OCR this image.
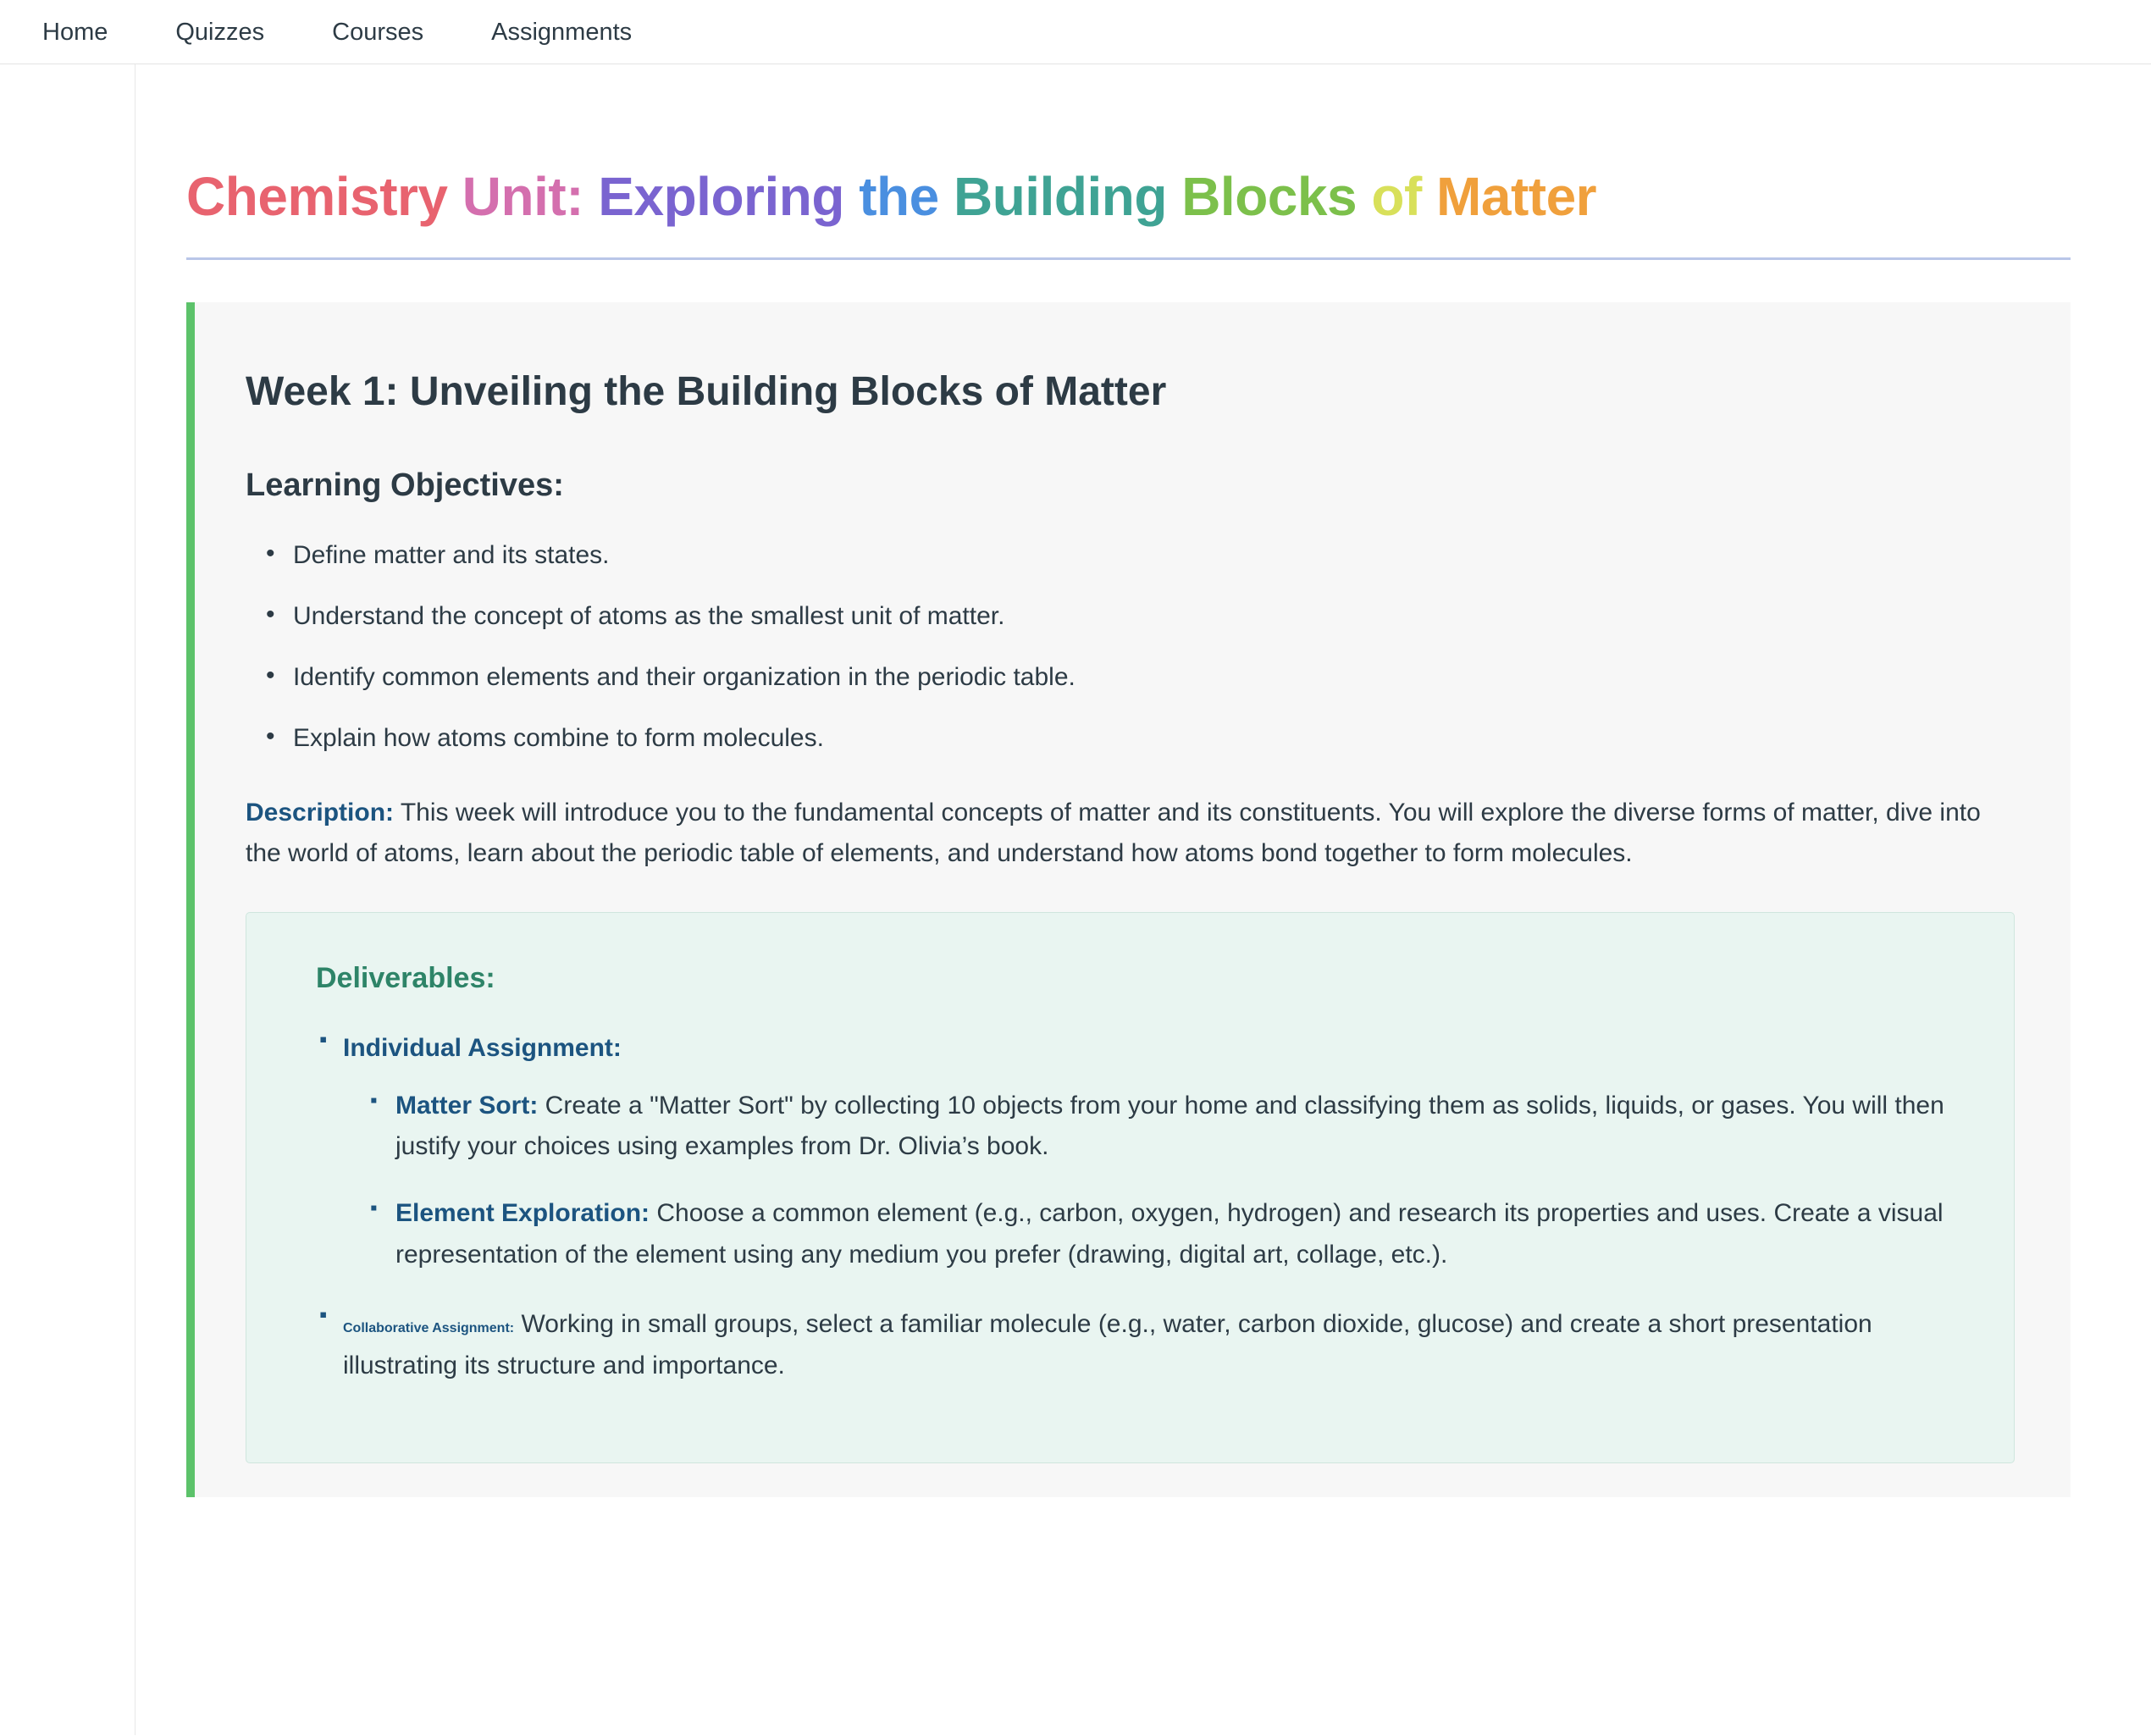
Home	Quizzes	Courses	Assignments
Chemistry Unit: Exploring the Building Blocks of Matter
Week 1: Unveiling the Building Blocks of Matter
Learning Objectives:
• Define matter and its states.
• Understand the concept of atoms as the smallest unit of matter.
• Identify common elements and their organization in the periodic table.
• Explain how atoms combine to form molecules.

Description: This week will introduce you to the fundamental concepts of matter and its constituents. You will explore the diverse forms of matter, dive into the world of atoms, learn about the periodic table of elements, and understand how atoms bond together to form molecules.

Deliverables:
▪ Individual Assignment:
▪ Matter Sort: Create a "Matter Sort" by collecting 10 objects from your home and classifying them as solids, liquids, or gases. You will then justify your choices using examples from Dr. Olivia’s book.
▪ Element Exploration: Choose a common element (e.g., carbon, oxygen, hydrogen) and research its properties and uses. Create a visual representation of the element using any medium you prefer (drawing, digital art, collage, etc.).
▪ Collaborative Assignment: Working in small groups, select a familiar molecule (e.g., water, carbon dioxide, glucose) and create a short presentation illustrating its structure and importance.
